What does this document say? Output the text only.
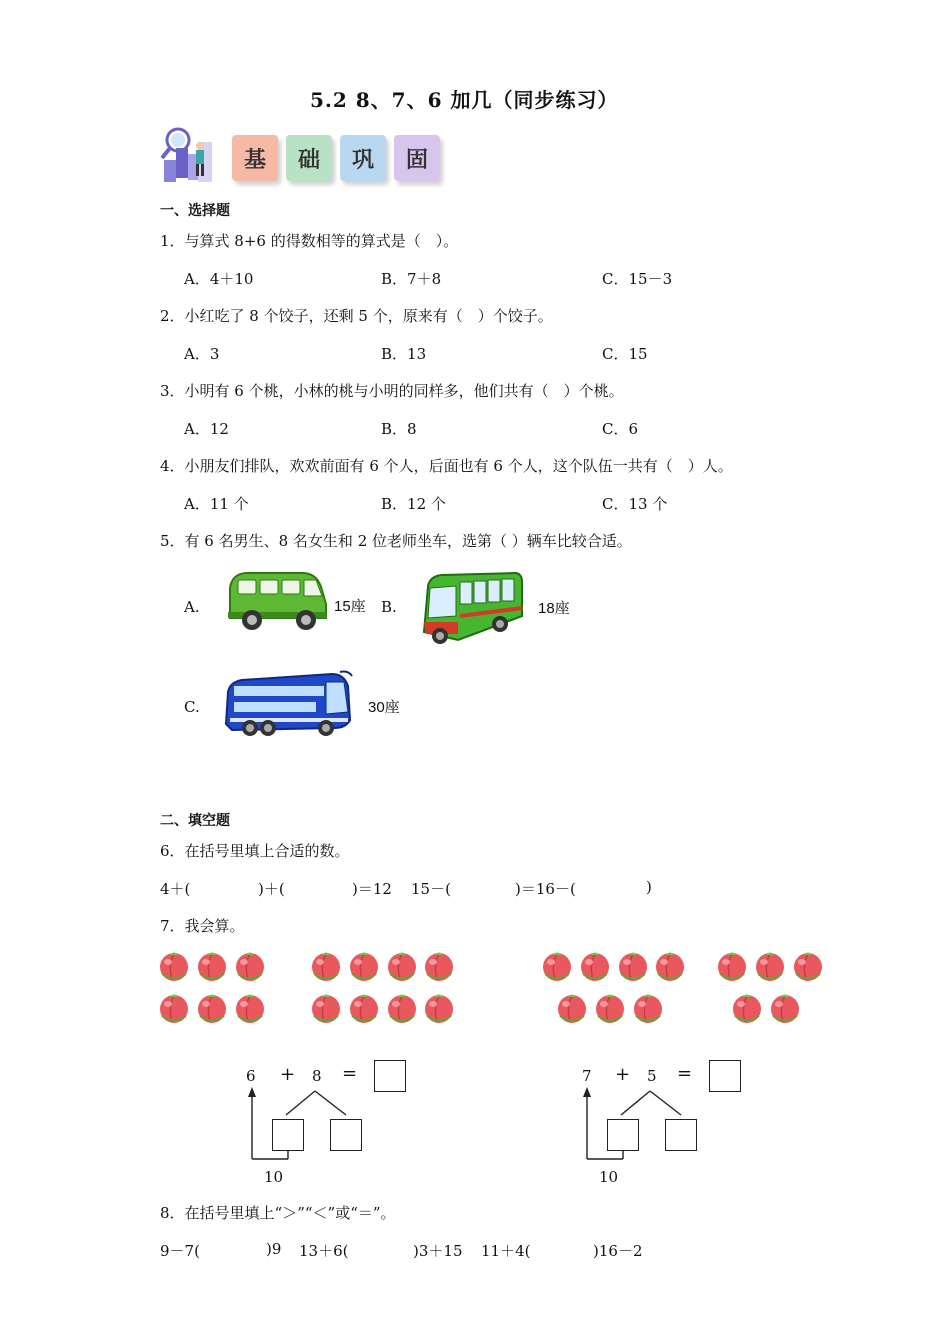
5.2 8、7、6 加几（同步练习）
基	础	巩	固
一、选择题
1．与算式 8+6 的得数相等的算式是（　）。
A．4＋10	B．7＋8	C．15－3
2．小红吃了 8 个饺子，还剩 5 个，原来有（　）个饺子。
A．3	B．13	C．15
3．小明有 6 个桃，小林的桃与小明的同样多，他们共有（　）个桃。
A．12	B．8	C．6
4．小朋友们排队，欢欢前面有 6 个人，后面也有 6 个人，这个队伍一共有（　）人。
A．11 个	B．12 个	C．13 个
5．有 6 名男生、8 名女生和 2 位老师坐车，选第（ ）辆车比较合适。
A.	15座 B.	18座
C.	30座
二、填空题
6．在括号里填上合适的数。
4＋(	)＋(	)＝12 15－(	)＝16－(	)
7．我会算。
6 + 8 =
10
7 + 5 =
10
8．在括号里填上“＞”“＜”或“＝”。
9－7(	)9 13＋6(	)3＋15 11＋4(	)16－2
